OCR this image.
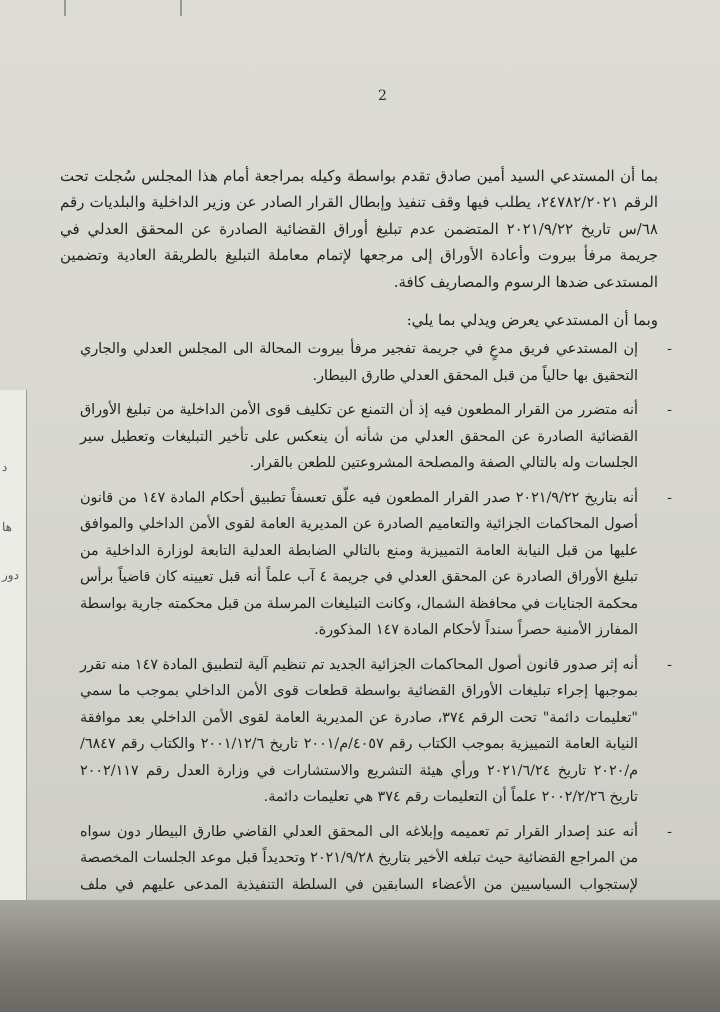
2

بما أن المستدعي السيد أمين صادق تقدم بواسطة وكيله بمراجعة أمام هذا المجلس سُجلت تحت الرقم ٢٤٧٨٢/٢٠٢١، يطلب فيها وقف تنفيذ وإبطال القرار الصادر عن وزير الداخلية والبلديات رقم ٦٨/س تاريخ ٢٠٢١/٩/٢٢ المتضمن عدم تبليغ أوراق القضائية الصادرة عن المحقق العدلي في جريمة مرفأ بيروت وأعادة الأوراق إلى مرجعها لإتمام معاملة التبليغ بالطريقة العادية وتضمين المستدعى ضدها الرسوم والمصاريف كافة.

وبما أن المستدعي يعرض ويدلي بما يلي:

-
إن المستدعي فريق مدعٍ في جريمة تفجير مرفأ بيروت المحالة الى المجلس العدلي والجاري التحقيق بها حالياً من قبل المحقق العدلي طارق البيطار.
-
أنه متضرر من القرار المطعون فيه إذ أن التمنع عن تكليف قوى الأمن الداخلية من تبليغ الأوراق القضائية الصادرة عن المحقق العدلي من شأنه أن ينعكس على تأخير التبليغات وتعطيل سير الجلسات وله بالتالي الصفة والمصلحة المشروعتين للطعن بالقرار.
-
أنه بتاريخ ٢٠٢١/٩/٢٢ صدر القرار المطعون فيه علّق تعسفاً تطبيق أحكام المادة ١٤٧ من قانون أصول المحاكمات الجزائية والتعاميم الصادرة عن المديرية العامة لقوى الأمن الداخلي والموافق عليها من قبل النيابة العامة التمييزية ومنع بالتالي الضابطة العدلية التابعة لوزارة الداخلية من تبليغ الأوراق الصادرة عن المحقق العدلي في جريمة ٤ آب علماً أنه قبل تعيينه كان قاضياً برأس محكمة الجنايات في محافظة الشمال، وكانت التبليغات المرسلة من قبل محكمته جارية بواسطة المفارز الأمنية حصراً سنداً لأحكام المادة ١٤٧ المذكورة.
-
أنه إثر صدور قانون أصول المحاكمات الجزائية الجديد تم تنظيم آلية لتطبيق المادة ١٤٧ منه تقرر بموجبها إجراء تبليغات الأوراق القضائية بواسطة قطعات قوى الأمن الداخلي بموجب ما سمي "تعليمات دائمة" تحت الرقم ٣٧٤، صادرة عن المديرية العامة لقوى الأمن الداخلي بعد موافقة النيابة العامة التمييزية بموجب الكتاب رقم ٤٠٥٧/م/٢٠٠١ تاريخ ٢٠٠١/١٢/٦ والكتاب رقم ٦٨٤٧/م/٢٠٢٠ تاريخ ٢٠٢١/٦/٢٤ ورأي هيئة التشريع والاستشارات في وزارة العدل رقم ٢٠٠٢/١١٧ تاريخ ٢٠٠٢/٢/٢٦ علماً أن التعليمات رقم ٣٧٤ هي تعليمات دائمة.
-
أنه عند إصدار القرار تم تعميمه وإبلاغه الى المحقق العدلي القاضي طارق البيطار دون سواه من المراجع القضائية حيث تبلغه الأخير بتاريخ ٢٠٢١/٩/٢٨ وتحديداً قبل موعد الجلسات المخصصة لإستجواب السياسيين من الأعضاء السابقين في السلطة التنفيذية المدعى عليهم في ملف
د
ها
دور
